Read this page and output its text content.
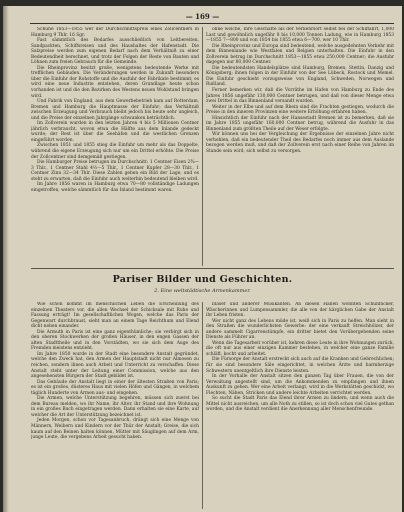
— 169 —

Schuhe 1853—1855 wer der Durchschnittspreis eines Zollcentners in Hamburg 9 Thlr. 16 Sgr.

Fast sämmtlich des Bedarfes ausschließlich von Leitbereiten, Sandpackten, Schiffsreisen und des Haushaltes der Hafenstadt. Die Salzpreise werden zum eigenen Bedarf nach dem Verhältniß zu einer Bedeutendheit berechnet, und trotz der Folgen der Reste von Bauten und Löhnen zum freien Gebrauch für die Gemeinde.

Die Rheinprovinz besitzt große, wenigstens bedeutende Werke mit trefflichen Gebäuden. Die Veränderungen werden in Zukunft besonders über die Einfuhr der Rohstoffe und die Ausfuhr der Fabrikate bestimmt; es wird eine neue Industrie entstehen, deren Grundlage heute schon vorhanden ist und die den Bezirken des Westens neuen Wohlstand bringen wird.

Und Fabrik von England, aus dem Gewerbebetrieb kam auf Rotterdam, Bremen und Hamburg die Hauptmasse der Einfuhr; das Verhältniß zwischen Erzeugung und Verbrauch bleibt jedoch bis heute sehr ungleich, und die Preise der einzelnen Jahrgänge schwanken beträchtlich.

Im Zollverein wurden in den letzten Jahren 4 bis 5 Millionen Centner jährlich verbraucht, wovon etwa die Hälfte aus dem Inlande gedeckt wurde; der Rest ist über die Seehäfen und die westlichen Grenzen eingeführt worden.

Zwischen 1851 und 1855 stieg die Einfuhr um mehr als das Doppelte, während die eigene Erzeugung sich nur um ein Drittel erhöhte. Die Preise der Zollcentner sind demgemäß gestiegen.

Die Hamburger Preise betrugen im Durchschnitt: 1 Centner Eisen 2¾—3 Thlr., 1 Centner Stahl 4½—5 Thlr., 1 Centner Kupfer 28—30 Thlr., 1 Centner Zinn 32—34 Thlr. Diese Zahlen geben ein Bild der Lage, und es steht zu erwarten, daß die Einfuhr auch weiterhin bedeutend bleiben wird.

Im Jahre 1856 waren in Hamburg etwa 70—80 vollständige Ladungen eingetroffen, welche sämmtlich für das Inland bestimmt waren.

ohne welche, Ihre Geschäfte als der Verkehrsort selbst bei der Schiffahrt, 1,000 Last und gewöhnlich ungefähr 8 bis 10,000 Tonnen Ladung, wie in Hamburg 1853—1855 7—800 und von 1854 bis 1855 etwa 6—700, wer 10 Thlr.

Die Rheinprovinz und Europa sind bedeutend, welche ausgedehnten Verkehr mit dem Binnenlande wie Westfalen und Belgien unterhalten. Die Einfuhr in den Zollverein betrug im Durchschnitt 1853—1855 etwa 250,000 Centner; die Ausfuhr dagegen nur 80,000 Centner.

Die bedeutendsten Handelsplätze sind Hamburg, Bremen, Stettin, Danzig und Königsberg; ihnen folgen in der Einfuhr von der See Lübeck, Rostock und Memel. Die Einfuhr geschieht vorzugsweise von England, Schweden, Norwegen und Rußland.

Ferner bemerken wir, daß die Vorräthe im Hafen von Hamburg zu Ende des Jahres 1856 ungefähr 130,000 Centner betrugen, und daß von dieser Menge etwa zwei Drittel in das Binnenland versandt wurden.

Weiter in der Elbe und auf dem Rhein sind die Frachten gestiegen, wodurch die Preise in den inneren Provinzen eine weitere Erhöhung erfahren haben.

Hinsichtlich der Einfuhr nach der Hansestadt Bremen ist zu bemerken, daß sie im Jahre 1855 ungefähr 160,000 Centner betrug, während die Ausfuhr in das Binnenland zum größten Theile auf der Weser erfolgte.

Wir können uns bei der Vergleichung der Ergebnisse der einzelnen Jahre nicht verhehlen, daß ein bedeutender Theil des Bedarfes noch immer aus dem Auslande bezogen werden muß, und daß der Zollverein erst nach einer Reihe von Jahren im Stande sein wird, sich selbst zu versorgen.

Pariser Bilder und Geschichten.
2. Eine weltstädtische Armenkammer.

Wie schon kommt im menschlichen Leben die Erscheinung des einzelnen Theaters vor, die allen Wechsel der Schicksale mit Ruhe und Fassung erträgt! Im gesellschaftlichen Wogen, welche das Paris der Gegenwart durchbraust, sieht man an einem Tage Reichthum und Elend dicht neben einander.

Die Armuth in Paris ist eine ganz eigenthümliche; sie verbirgt sich in den oberen Stockwerken der großen Häuser, in den engen Gassen der alten Stadttheile und in den Vorstädten, wo sie sich dem Auge des Fremden meistens entzieht.

Im Jahre 1850 wurde in der Stadt eine besondere Anstalt gegründet, welche den Zweck hat, den Armen der Hauptstadt nicht nur Almosen zu reichen, sondern ihnen auch Arbeit und Unterricht zu verschaffen. Diese Anstalt steht unter der Leitung einer Commission, welche aus den angesehensten Bürgern der Stadt gebildet ist.

Das Gebäude der Anstalt liegt in einer der ältesten Straßen von Paris; es ist ein großes, düsteres Haus mit vielen Höfen und Gängen, in welchem täglich Hunderte von Armen aus- und eingehen.

Die Armen, welche Unterstützung begehren, müssen sich zuerst bei dem Bureau melden, wo ihr Name, ihr Alter, ihr Stand und ihre Wohnung in ein großes Buch eingetragen werden. Dann erhalten sie eine Karte, auf welcher die Art der Unterstützung bezeichnet ist.

Jeden Morgen, schon vor Tagesanbruch, drängt sich eine Menge von Männern, Weibern und Kindern vor der Thür der Anstalt; Greise, die sich kaum auf den Beinen halten können, Mütter mit Säuglingen auf dem Arm, junge Leute, die vergebens Arbeit gesucht haben.

bläser und anderer Musikanten. An diesen Hallen wohnten Schuhflicker, Wäscherinnen und Lumpensammler, die alle von der kärglichen Gabe der Anstalt ihr Leben fristen.

Wer nicht ganz des Lebens müde ist, weiß sich in Paris zu helfen. Man sieht in den Straßen die wunderlichsten Gewerbe: der eine verkauft Streichhölzer, der andere sammelt Cigarrenstümpfe, ein dritter bietet den Vorübergehenden seine Dienste als Führer an.

Wenn die Tagesarbeit vorüber ist, kehren diese Leute in ihre Wohnungen zurück, die oft nur aus einer einzigen Kammer bestehen, in welcher eine ganze Familie schläft, kocht und arbeitet.

Die Fürsorge der Anstalt erstreckt sich auch auf die Kranken und Gebrechlichen; für sie sind besondere Säle eingerichtet, in welchen Ärzte und barmherzige Schwestern unentgeltlich ihre Dienste leisten.

In der Vorhalle der Anstalt sitzen den ganzen Tag über Frauen, die von der Verwaltung angestellt sind, um die Ankommenden zu empfangen und ihnen Auskunft zu geben. Wer eine Arbeit verlangt, wird in die Werkstätten geschickt, wo Flechten, Nähen, Stricken und andere leichte Arbeiten verrichtet werden.

So sucht die Stadt Paris das Elend ihrer Armen zu lindern, und wenn auch die Mittel nicht ausreichen, um alle Noth zu stillen, so ist doch schon viel Gutes gethan worden, und die Anstalt verdient die Anerkennung aller Menschenfreunde.
